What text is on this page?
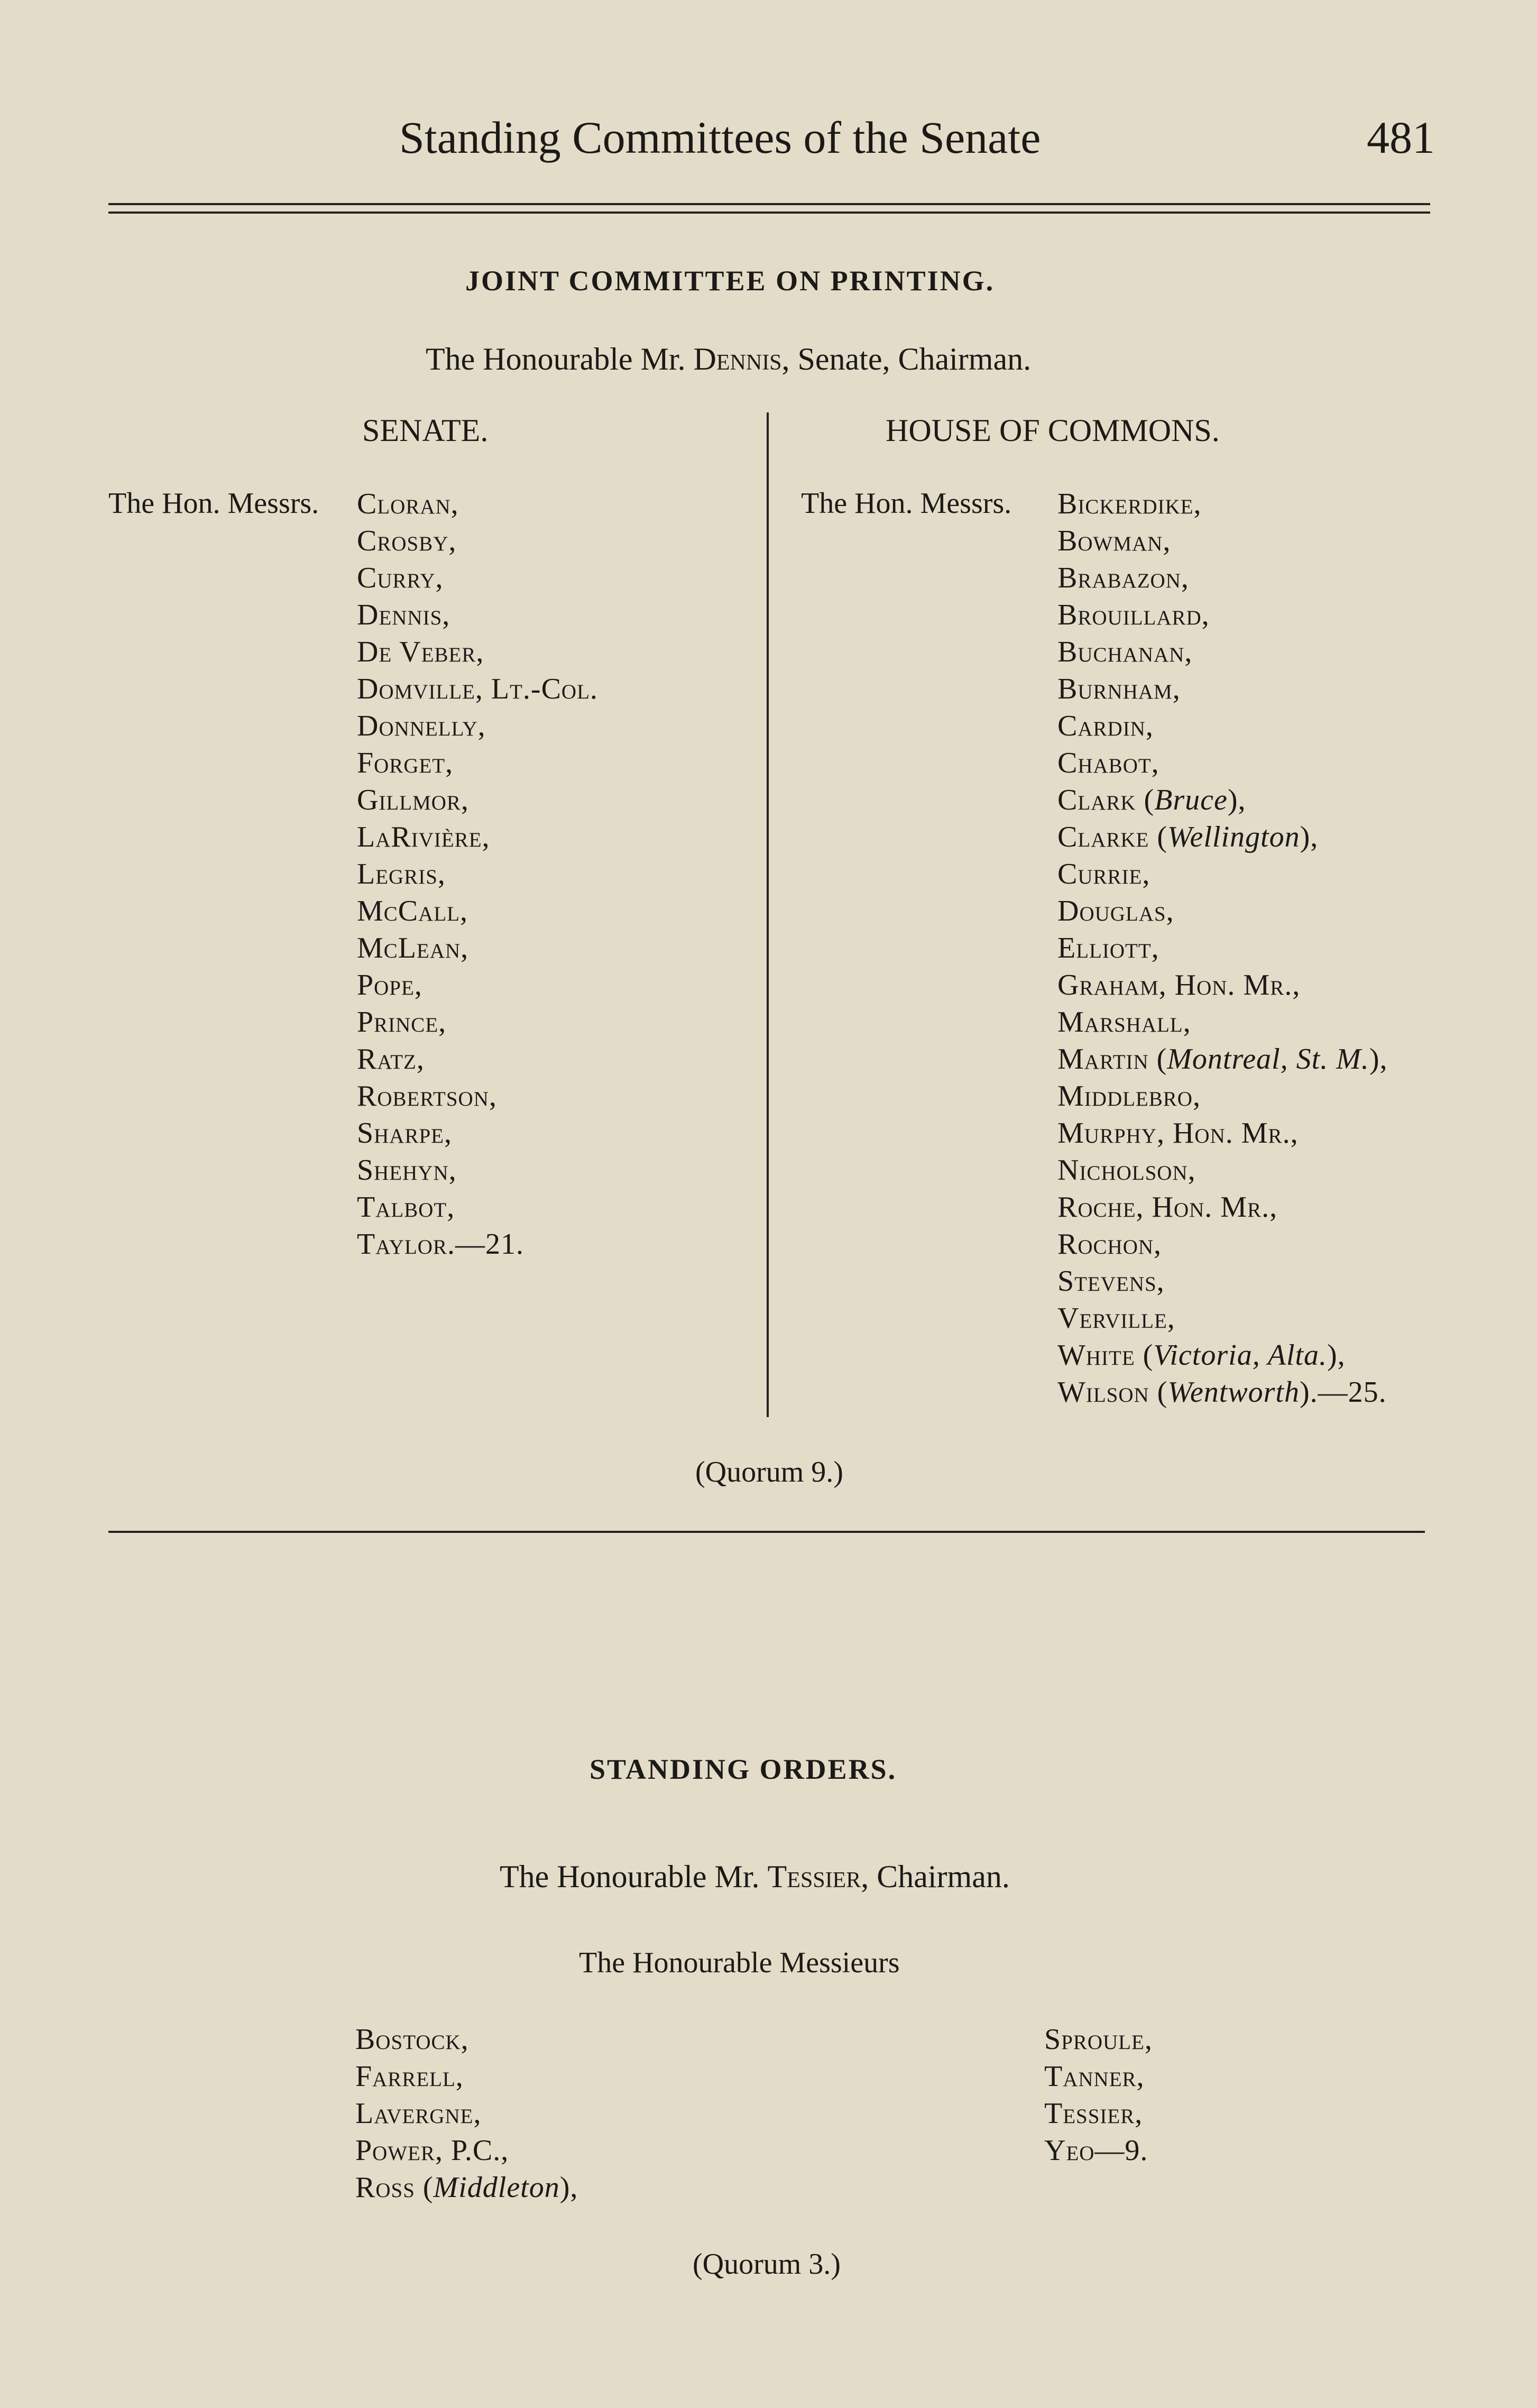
Standing Committees of the Senate	481
JOINT COMMITTEE ON PRINTING.
The Honourable Mr. Dennis, Senate, Chairman.
SENATE.	HOUSE OF COMMONS.
The Hon. Messrs. Cloran,
Crosby,
Curry,
Dennis,
De Veber,
Domville, Lt.-Col.
Donnelly,
Forget,
Gillmor,
LaRivière,
Legris,
McCall,
McLean,
Pope,
Prince,
Ratz,
Robertson,
Sharpe,
Shehyn,
Talbot,
Taylor.—21.
The Hon. Messrs. Bickerdike,
Bowman,
Brabazon,
Brouillard,
Buchanan,
Burnham,
Cardin,
Chabot,
Clark (Bruce),
Clarke (Wellington),
Currie,
Douglas,
Elliott,
Graham, Hon. Mr.,
Marshall,
Martin (Montreal, St. M.),
Middlebro,
Murphy, Hon. Mr.,
Nicholson,
Roche, Hon. Mr.,
Rochon,
Stevens,
Verville,
White (Victoria, Alta.),
Wilson (Wentworth).—25.
(Quorum 9.)
STANDING ORDERS.
The Honourable Mr. Tessier, Chairman.
The Honourable Messieurs
Bostock,
Farrell,
Lavergne,
Power, P.C.,
Ross (Middleton),
Sproule,
Tanner,
Tessier,
Yeo—9.
(Quorum 3.)
